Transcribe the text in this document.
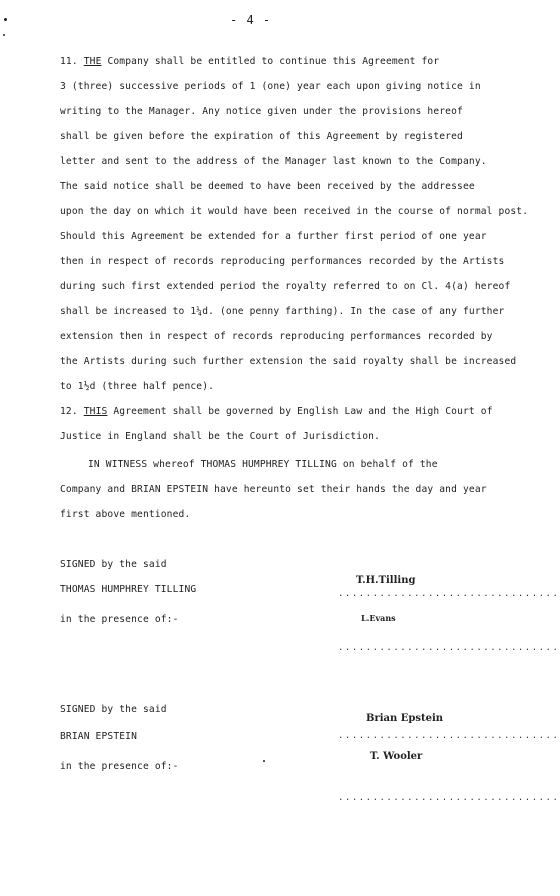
- 4 -
11. THE Company shall be entitled to continue this Agreement for
3 (three) successive periods of 1 (one) year each upon giving notice in
writing to the Manager. Any notice given under the provisions hereof
shall be given before the expiration of this Agreement by registered
letter and sent to the address of the Manager last known to the Company.
The said notice shall be deemed to have been received by the addressee
upon the day on which it would have been received in the course of normal post.
Should this Agreement be extended for a further first period of one year
then in respect of records reproducing performances recorded by the Artists
during such first extended period the royalty referred to on Cl. 4(a) hereof
shall be increased to 1¼d. (one penny farthing). In the case of any further
extension then in respect of records reproducing performances recorded by
the Artists during such further extension the said royalty shall be increased
to 1½d (three half pence).
12. THIS Agreement shall be governed by English Law and the High Court of
Justice in England shall be the Court of Jurisdiction.
IN WITNESS whereof THOMAS HUMPHREY TILLING on behalf of the
Company and BRIAN EPSTEIN have hereunto set their hands the day and year
first above mentioned.
SIGNED by the said
THOMAS HUMPHREY TILLING
in the presence of:-
T.H.Tilling
................................
L.Evans
................................
SIGNED by the said
BRIAN EPSTEIN
in the presence of:-
Brian Epstein
................................
T. Wooler
................................
